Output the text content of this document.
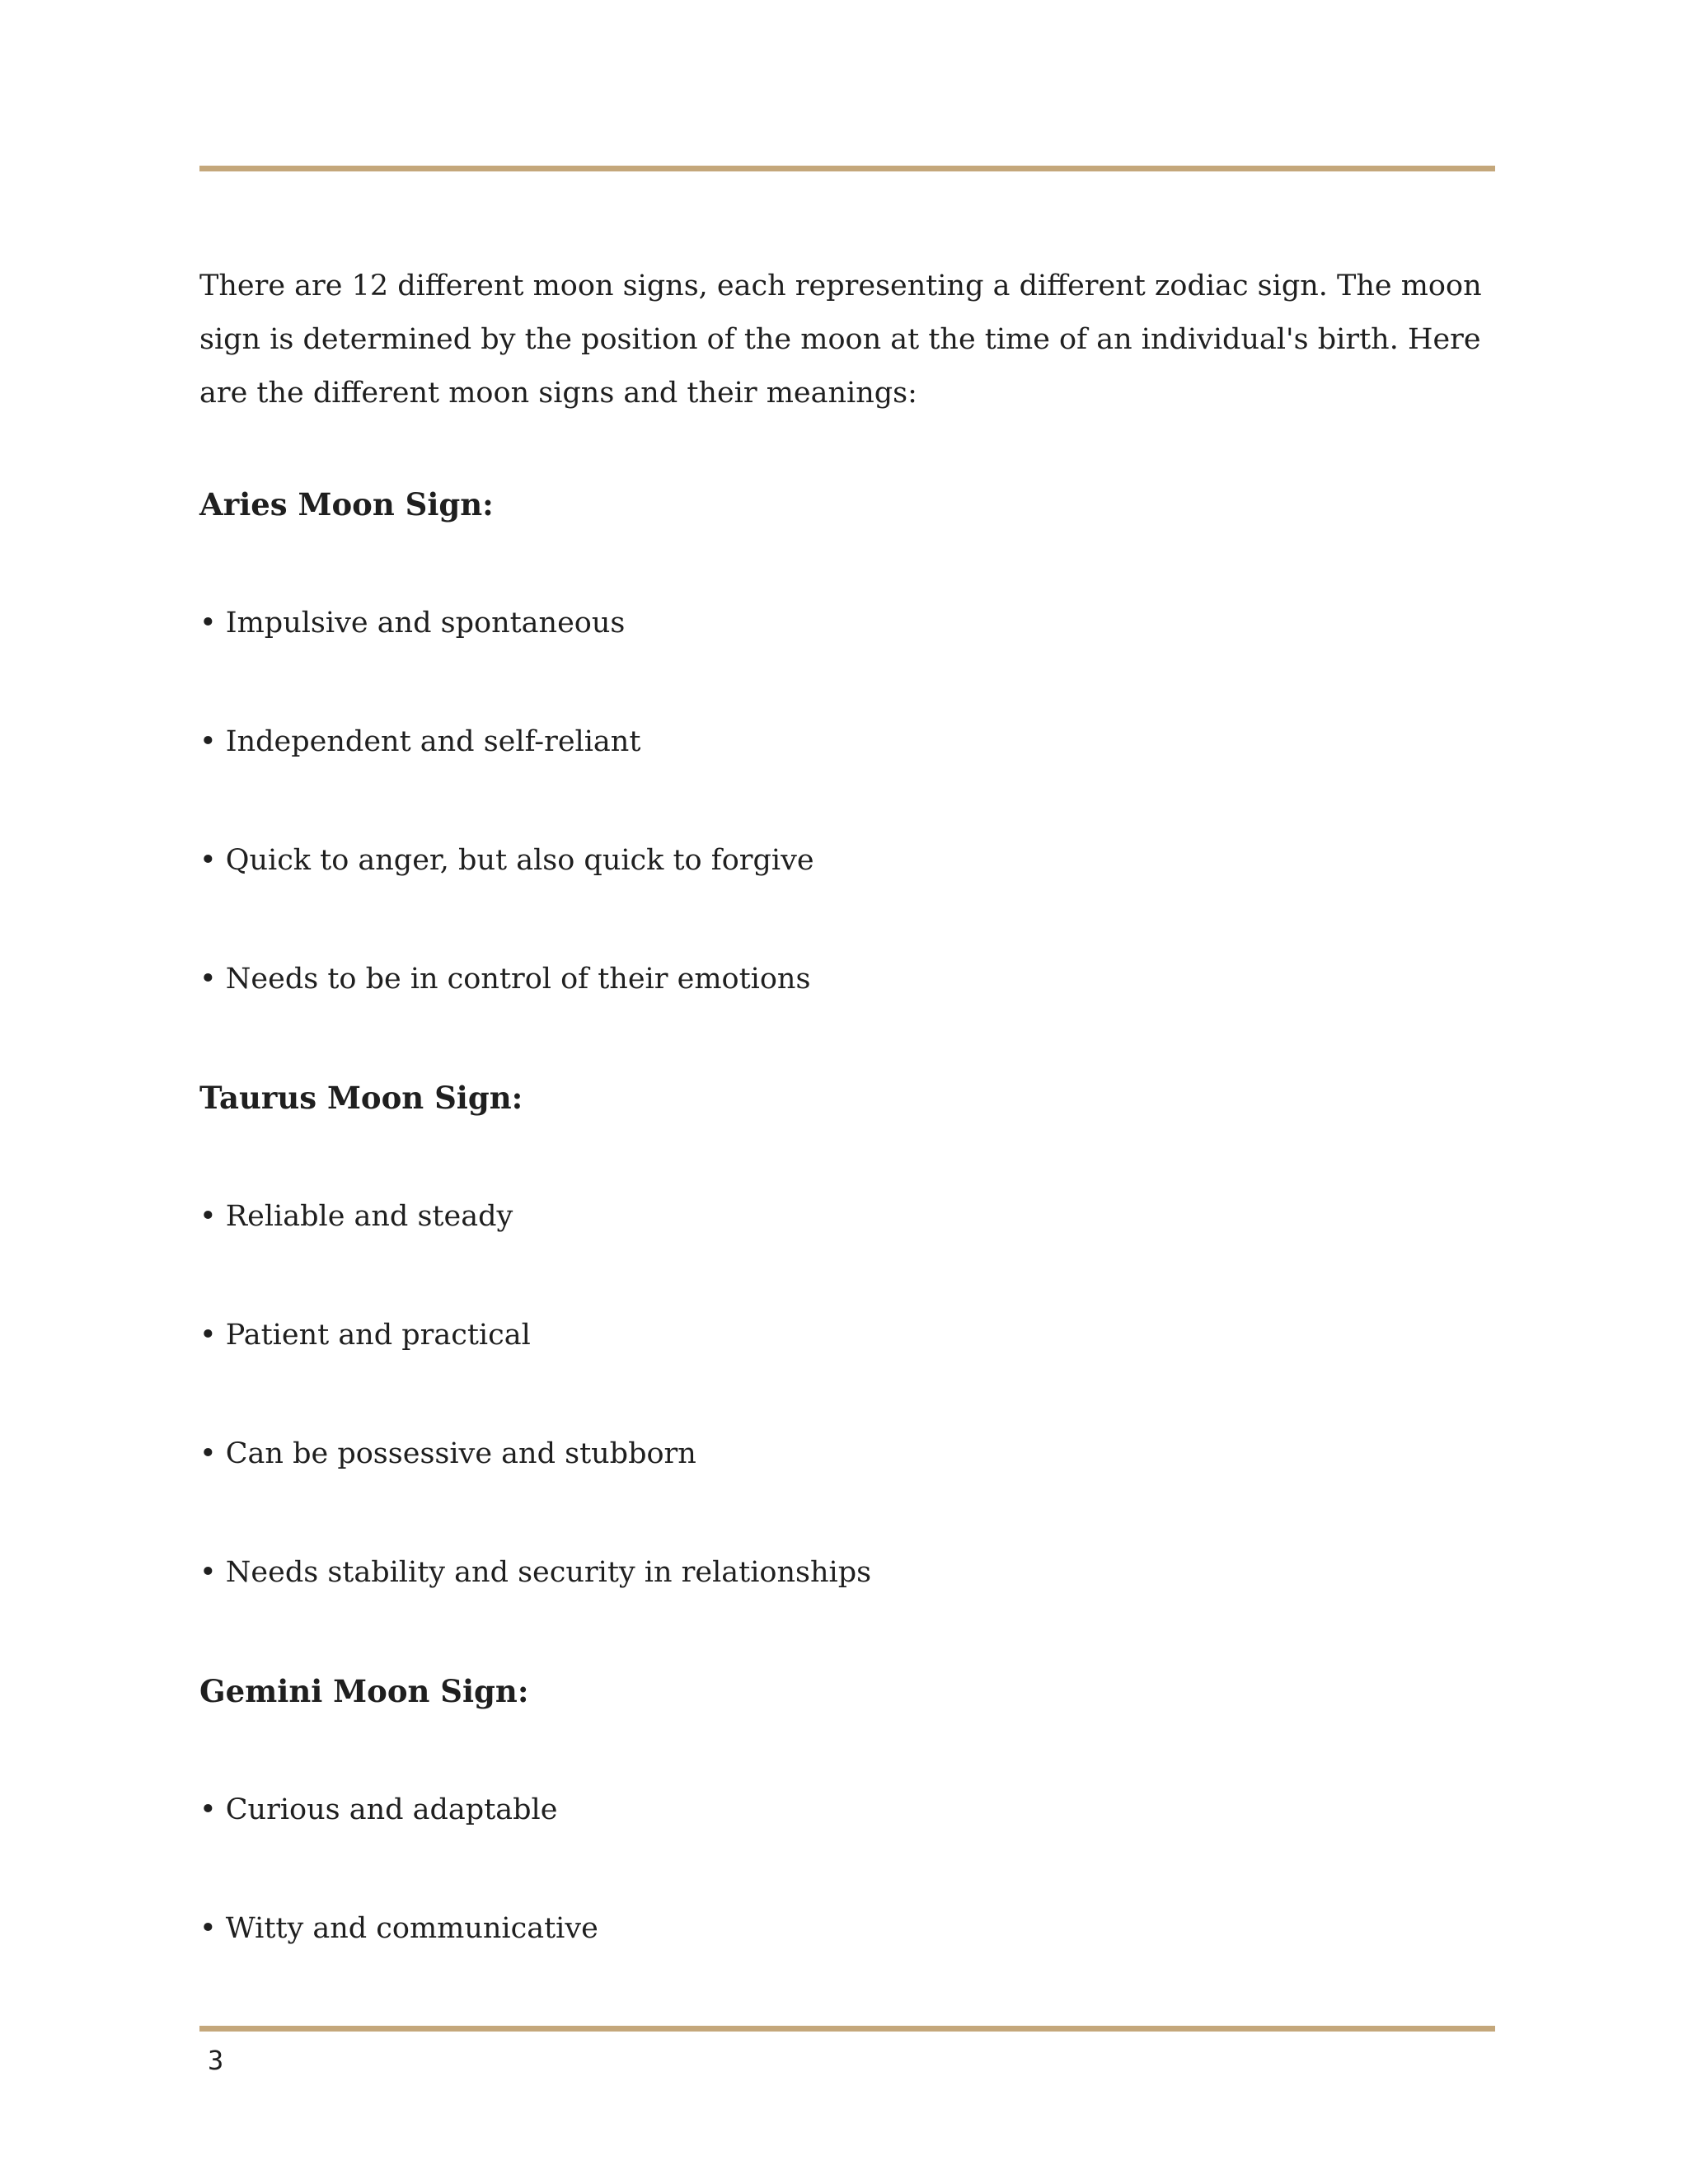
There are 12 different moon signs, each representing a different zodiac sign. The moon sign is determined by the position of the moon at the time of an individual's birth. Here are the different moon signs and their meanings:

Aries Moon Sign:

• Impulsive and spontaneous

• Independent and self-reliant

• Quick to anger, but also quick to forgive

• Needs to be in control of their emotions

Taurus Moon Sign:

• Reliable and steady

• Patient and practical

• Can be possessive and stubborn

• Needs stability and security in relationships

Gemini Moon Sign:

• Curious and adaptable

• Witty and communicative

3
